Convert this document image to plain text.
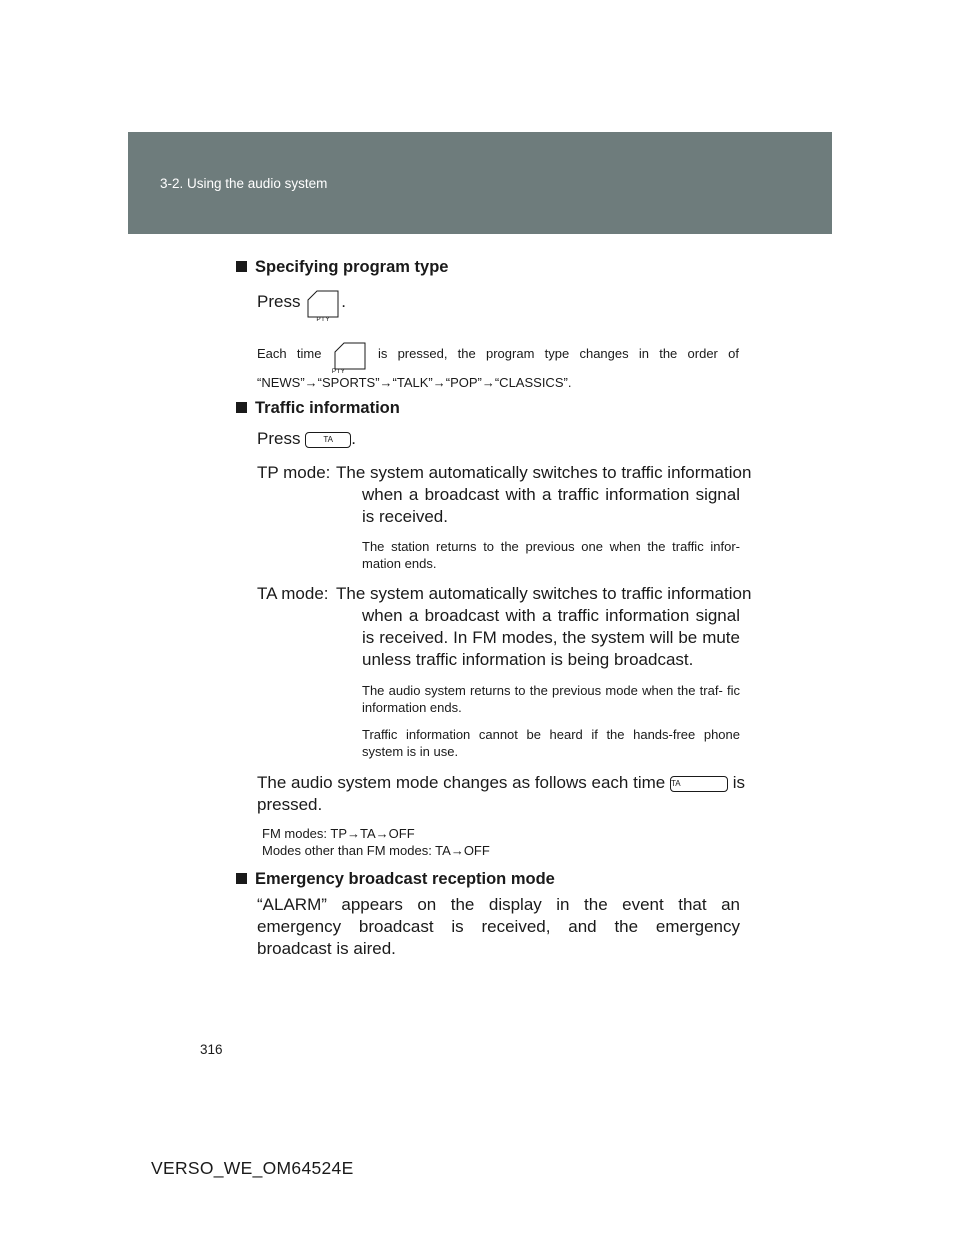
3-2. Using the audio system
Specifying program type
Press
PTY
.
Each time
PTY
is pressed, the program type changes in the order of
“NEWS”→“SPORTS”→“TALK”→“POP”→“CLASSICS”.
Traffic information
Press	TA .
TP mode: The system automatically switches to traffic information
when a broadcast with a traffic information signal is received.
The station returns to the previous one when the traffic infor- mation ends.
TA mode: The system automatically switches to traffic information
when a broadcast with a traffic information signal is received. In FM modes, the system will be mute unless traffic information is being broadcast.
The audio system returns to the previous mode when the traf- fic information ends.
Traffic information cannot be heard if the hands-free phone system is in use.
The audio system mode changes as follows each time TA	is
pressed.
FM modes: TP→TA→OFF
Modes other than FM modes: TA→OFF
Emergency broadcast reception mode
“ALARM” appears on the display in the event that an emergency broadcast is received, and the emergency broadcast is aired.
316
VERSO_WE_OM64524E
